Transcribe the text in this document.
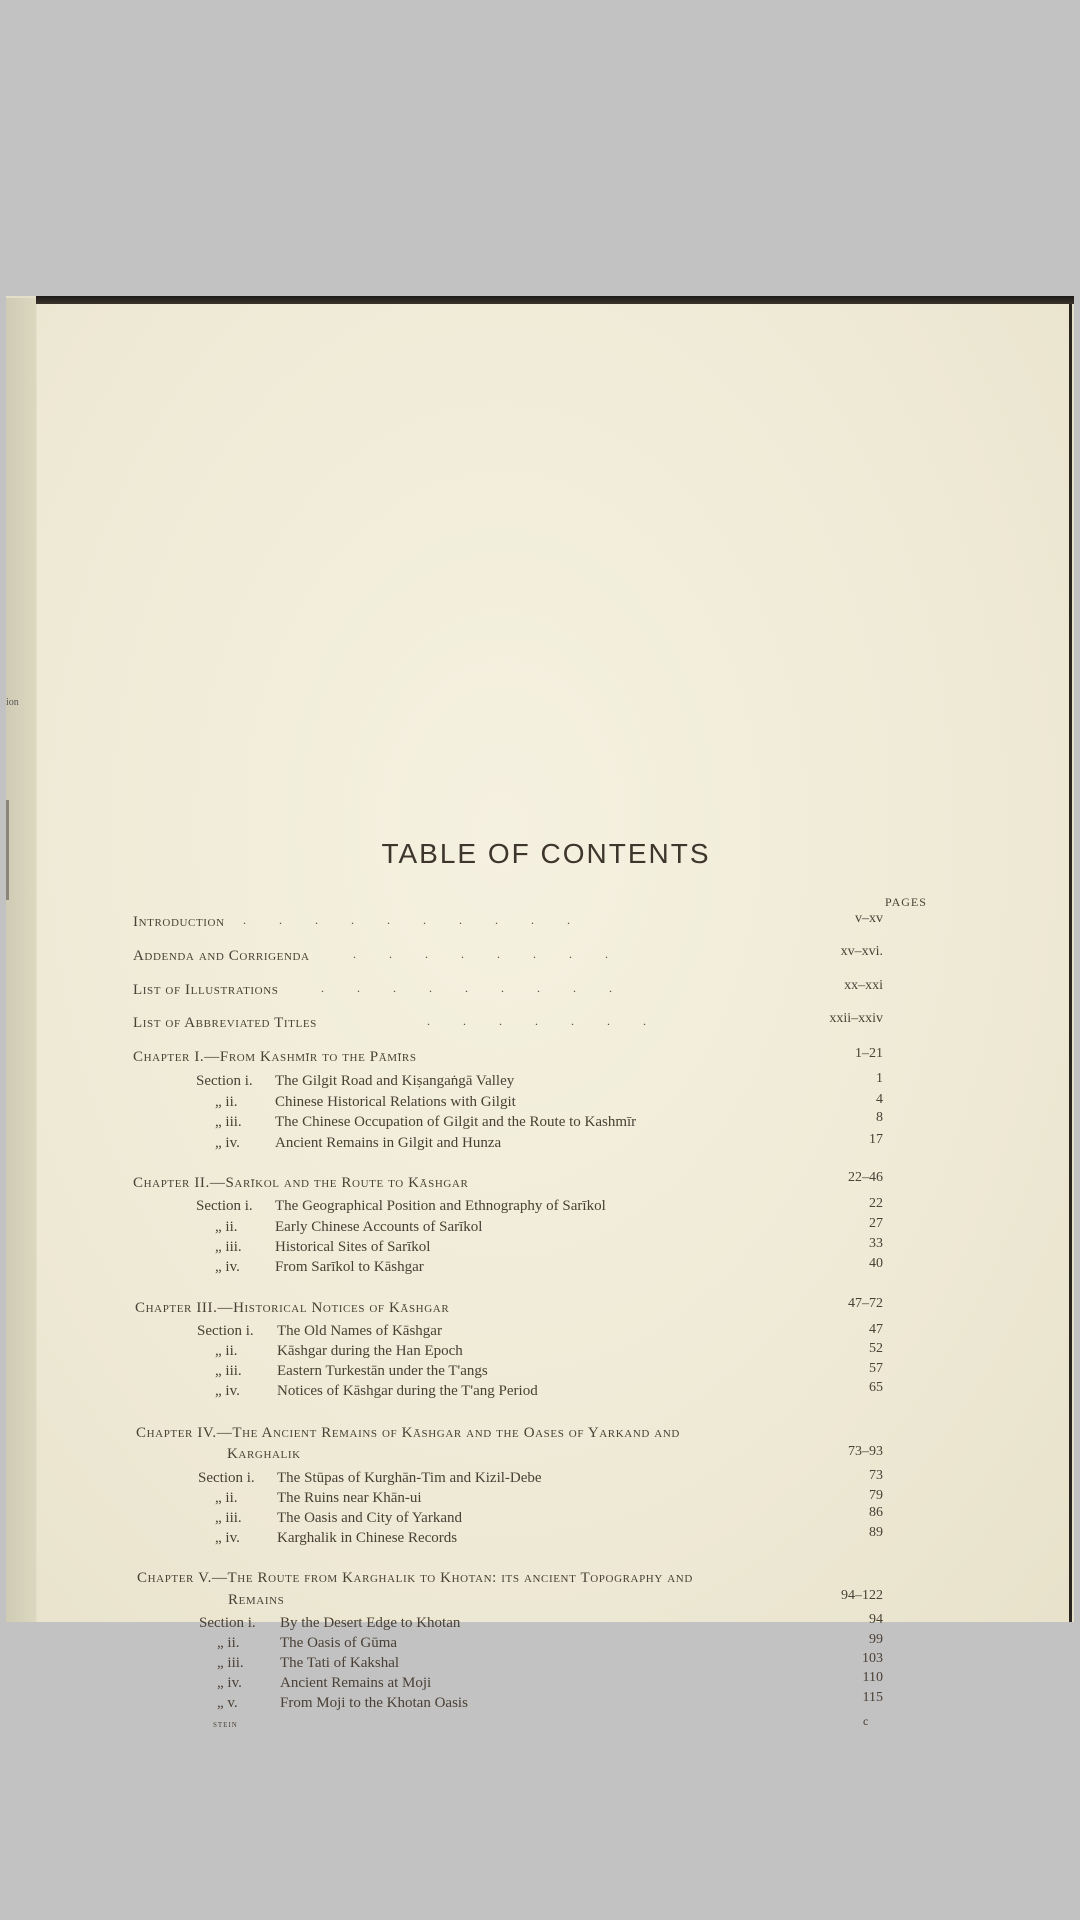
ion
TABLE OF CONTENTS
PAGES
Introduction .           .           .           .           .           .           .           .           .           .	v–xv
Addenda and Corrigenda	.           .           .           .           .           .           .           .	xv–xvi.
List of Illustrations	.           .           .           .           .           .           .           .           .	xx–xxi
List of Abbreviated Titles	.           .           .           .           .           .           .	xxii–xxiv
Chapter I.—From Kashmīr to the Pāmīrs	1–21
Section i. The Gilgit Road and Kiṣangaṅgā Valley	1
„ ii.	Chinese Historical Relations with Gilgit	4
„ iii. The Chinese Occupation of Gilgit and the Route to Kashmīr	8
„ iv. Ancient Remains in Gilgit and Hunza	17
Chapter II.—Sarīkol and the Route to Kāshgar	22–46
Section i. The Geographical Position and Ethnography of Sarīkol	22
„ ii.	Early Chinese Accounts of Sarīkol	27
„ iii. Historical Sites of Sarīkol	33
„ iv. From Sarīkol to Kāshgar	40
Chapter III.—Historical Notices of Kāshgar	47–72
Section i. The Old Names of Kāshgar	47
„ ii.	Kāshgar during the Han Epoch	52
„ iii. Eastern Turkestān under the T'angs	57
„ iv. Notices of Kāshgar during the T'ang Period	65
Chapter IV.—The Ancient Remains of Kāshgar and the Oases of Yarkand and
Karghalik	73–93
Section i. The Stūpas of Kurghān-Tim and Kizil-Debe	73
„ ii.	The Ruins near Khān-ui	79
„ iii. The Oasis and City of Yarkand	86
„ iv. Karghalik in Chinese Records	89
Chapter V.—The Route from Karghalik to Khotan: its ancient Topography and
Remains	94–122
Section i. By the Desert Edge to Khotan	94
„ ii.	The Oasis of Gūma	99
„ iii. The Tati of Kakshal	103
„ iv.	Ancient Remains at Moji	110
„ v.	From Moji to the Khotan Oasis	115
STEIN	c
